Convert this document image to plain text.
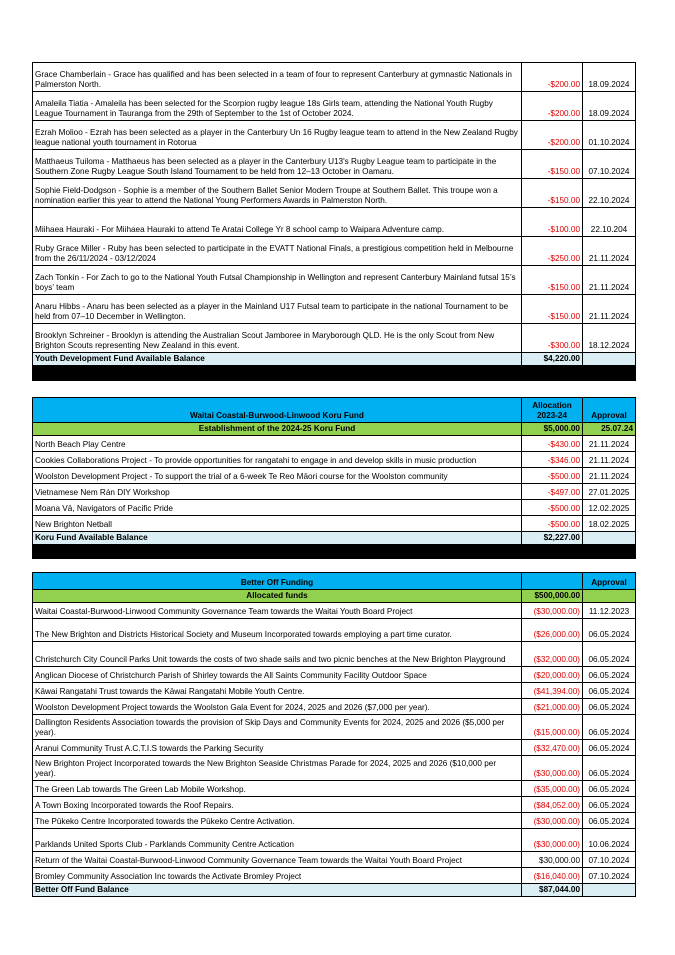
Grace Chamberlain - Grace has qualified and has been selected in a team of four to represent Canterbury at gymnastic Nationals in Palmerston North.	-$200.00	18.09.2024
Amaleila Tiatia - Amaleila has been selected for the Scorpion rugby league 18s Girls team, attending the National Youth Rugby League Tournament in Tauranga from the 29th of September to the 1st of October 2024.	-$200.00	18.09.2024
Ezrah Molioo - Ezrah has been selected as a player in the Canterbury Un 16 Rugby league team to attend in the New Zealand Rugby league national youth tournament in Rotorua	-$200.00	01.10.2024
Matthaeus Tuiloma - Matthaeus has been selected as a player in the Canterbury U13's Rugby League team to participate in the Southern Zone Rugby League South Island Tournament to be held from 12–13 October in Oamaru.	-$150.00	07.10.2024
Sophie Field-Dodgson - Sophie is a member of the Southern Ballet Senior Modern Troupe at Southern Ballet. This troupe won a nomination earlier this year to attend the National Young Performers Awards in Palmerston North.	-$150.00	22.10.2024
Miihaea Hauraki - For Miihaea Hauraki to attend Te Aratai College Yr 8 school camp to Waipara Adventure camp.	-$100.00	22.10.204
Ruby Grace Miller - Ruby has been selected to participate in the EVATT National Finals, a prestigious competition held in Melbourne from the 26/11/2024 - 03/12/2024	-$250.00	21.11.2024
Zach Tonkin - For Zach to go to the National Youth Futsal Championship in Wellington and represent Canterbury Mainland futsal 15’s boys’ team	-$150.00	21.11.2024
Anaru Hibbs - Anaru has been selected as a player in the Mainland U17 Futsal team to participate in the national Tournament to be held from 07–10 December in Wellington.	-$150.00	21.11.2024
Brooklyn Schreiner - Brooklyn is attending the Australian Scout Jamboree in Maryborough QLD. He is the only Scout from New Brighton Scouts representing New Zealand in this event.	-$300.00	18.12.2024
Youth Development Fund Available Balance	$4,220.00	

Waitai Coastal-Burwood-Linwood Koru Fund	Allocation 2023-24	Approval
Establishment of the 2024-25 Koru Fund	$5,000.00	25.07.24
North Beach Play Centre	-$430.00	21.11.2024
Cookies Collaborations Project - To provide opportunities for rangatahi to engage in and develop skills in music production	-$346.00	21.11.2024
Woolston Development Project - To support the trial of a 6-week Te Reo Māori course for the Woolston community	-$500.00	21.11.2024
Vietnamese Nem Rán DIY Workshop	-$497.00	27.01.2025
Moana Vā, Navigators of Pacific Pride	-$500.00	12.02.2025
New Brighton Netball	-$500.00	18.02.2025
Koru Fund Available Balance	$2,227.00	

Better Off Funding		Approval
Allocated funds	$500,000.00	
Waitai Coastal-Burwood-Linwood Community Governance Team towards the Waitai Youth Board Project	($30,000.00)	11.12.2023
The New Brighton and Districts Historical Society and Museum Incorporated towards employing a part time curator.	($26,000.00)	06.05.2024
Christchurch City Council Parks Unit towards the costs of two shade sails and two picnic benches at the New Brighton Playground	($32,000.00)	06.05.2024
Anglican Diocese of Christchurch Parish of Shirley towards the All Saints Community Facility Outdoor Space	($20,000.00)	06.05.2024
Kāwai Rangatahi Trust towards the Kāwai Rangatahi Mobile Youth Centre.	($41,394.00)	06.05.2024
Woolston Development Project towards the Woolston Gala Event for 2024, 2025 and 2026 ($7,000 per year).	($21,000.00)	06.05.2024
Dallington Residents Association towards the provision of Skip Days and Community Events for 2024, 2025 and 2026 ($5,000 per year).	($15,000.00)	06.05.2024
Aranui Community Trust A.C.T.I.S towards the Parking Security	($32,470.00)	06.05.2024
New Brighton Project Incorporated towards the New Brighton Seaside Christmas Parade for 2024, 2025 and 2026 ($10,000 per year).	($30,000.00)	06.05.2024
The Green Lab towards The Green Lab Mobile Workshop.	($35,000.00)	06.05.2024
A Town Boxing Incorporated towards the Roof Repairs.	($84,052.00)	06.05.2024
The Pūkeko Centre Incorporated towards the Pūkeko Centre Activation.	($30,000.00)	06.05.2024
Parklands United Sports Club - Parklands Community Centre Actication	($30,000.00)	10.06.2024
Return of the Waitai Coastal-Burwood-Linwood Community Governance Team towards the Waitai Youth Board Project	$30,000.00	07.10.2024
Bromley Community Association Inc towards the Activate Bromley Project	($16,040.00)	07.10.2024
Better Off Fund Balance	$87,044.00	
